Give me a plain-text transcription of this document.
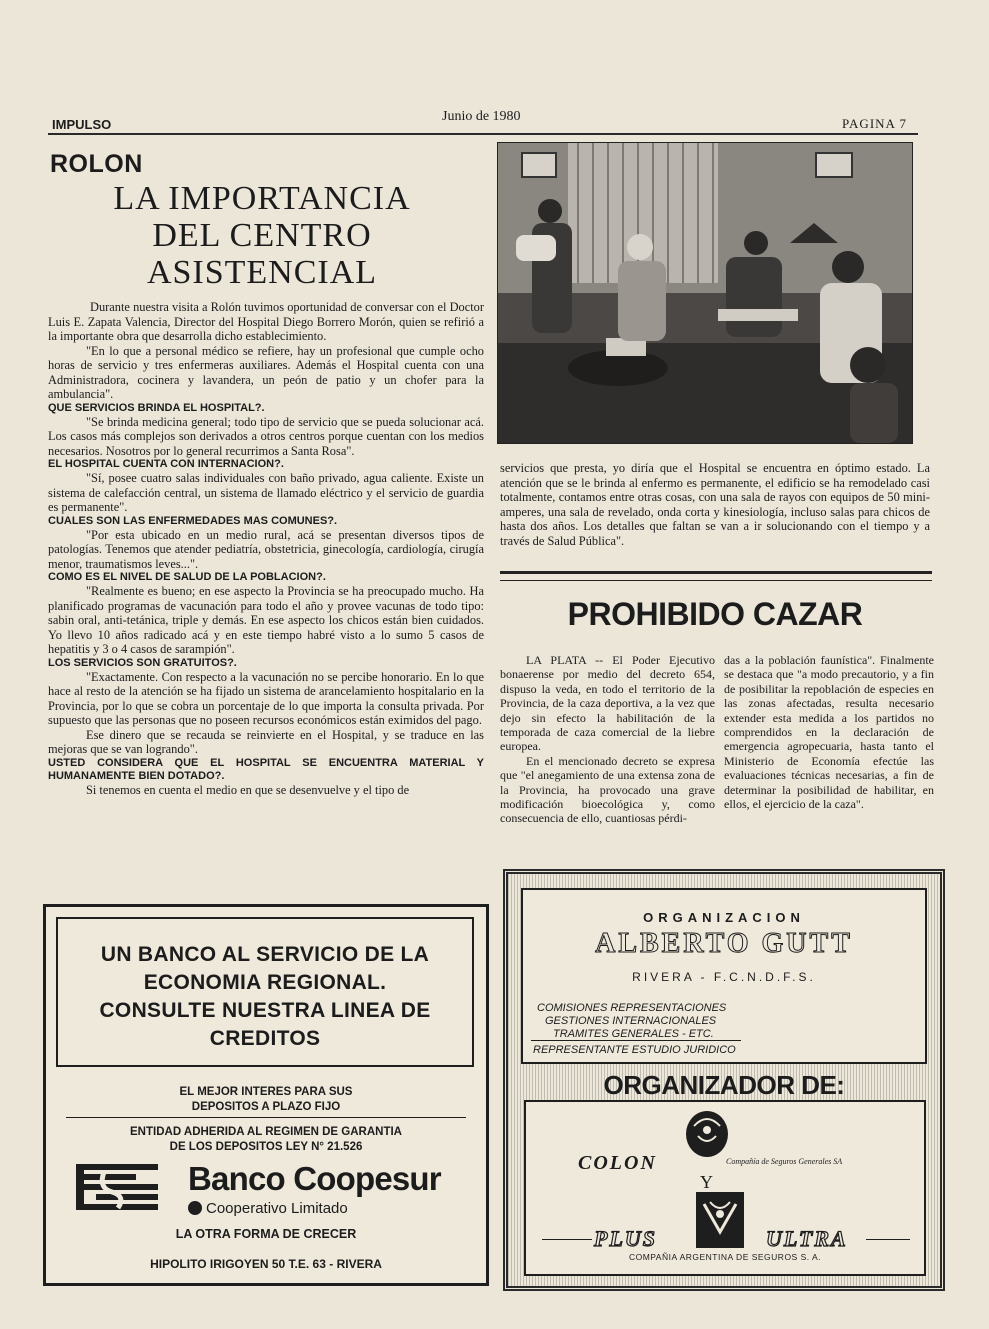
IMPULSO
Junio de 1980	PAGINA 7
ROLON
LA IMPORTANCIA
DEL CENTRO
ASISTENCIAL

Durante nuestra visita a Rolón tuvimos oportunidad de conversar con el Doctor Luis E. Zapata Valencia, Director del Hospital Diego Borrero Morón, quien se refirió a la importante obra que desarrolla dicho establecimiento.

"En lo que a personal médico se refiere, hay un profesional que cumple ocho horas de servicio y tres enfermeras auxiliares. Además el Hospital cuenta con una Administradora, cocinera y lavandera, un peón de patio y un chofer para la ambulancia".

QUE SERVICIOS BRINDA EL HOSPITAL?.

"Se brinda medicina general; todo tipo de servicio que se pueda solucionar acá. Los casos más complejos son derivados a otros centros porque cuentan con los medios necesarios. Nosotros por lo general recurrimos a Santa Rosa".

EL HOSPITAL CUENTA CON INTERNACION?.

"Sí, posee cuatro salas individuales con baño privado, agua caliente. Existe un sistema de calefacción central, un sistema de llamado eléctrico y el servicio de guardia es permanente".

CUALES SON LAS ENFERMEDADES MAS COMUNES?.

"Por esta ubicado en un medio rural, acá se presentan diversos tipos de patologías. Tenemos que atender pediatría, obstetricia, ginecología, cardiología, cirugía menor, traumatismos leves...".

COMO ES EL NIVEL DE SALUD DE LA POBLACION?.

"Realmente es bueno; en ese aspecto la Provincia se ha preocupado mucho. Ha planificado programas de vacunación para todo el año y provee vacunas de todo tipo: sabin oral, anti-tetánica, triple y demás. En ese aspecto los chicos están bien cuidados. Yo llevo 10 años radicado acá y en este tiempo habré visto a lo sumo 5 casos de hepatitis y 3 o 4 casos de sarampión".

LOS SERVICIOS SON GRATUITOS?.

"Exactamente. Con respecto a la vacunación no se percibe honorario. En lo que hace al resto de la atención se ha fijado un sistema de arancelamiento hospitalario en la Provincia, por lo que se cobra un porcentaje de lo que importa la consulta privada. Por supuesto que las personas que no poseen recursos económicos están eximidos del pago.

Ese dinero que se recauda se reinvierte en el Hospital, y se traduce en las mejoras que se van logrando".

USTED CONSIDERA QUE EL HOSPITAL SE ENCUENTRA MATERIAL Y HUMANAMENTE BIEN DOTADO?.

Si tenemos en cuenta el medio en que se desenvuelve y el tipo de

servicios que presta, yo diría que el Hospital se encuentra en óptimo estado. La atención que se le brinda al enfermo es permanente, el edificio se ha remodelado casi totalmente, contamos entre otras cosas, con una sala de rayos con equipos de 50 mini-amperes, una sala de revelado, onda corta y kinesiología, incluso salas para chicos de hasta dos años. Los detalles que faltan se van a ir solucionando con el tiempo y a través de Salud Pública".

PROHIBIDO CAZAR

LA PLATA -- El Poder Ejecutivo bonaerense por medio del decreto 654, dispuso la veda, en todo el territorio de la Provincia, de la caza deportiva, a la vez que dejo sin efecto la habilitación de la temporada de caza comercial de la liebre europea.

En el mencionado decreto se expresa que "el anegamiento de una extensa zona de la Provincia, ha provocado una grave modificación bioecológica y, como consecuencia de ello, cuantiosas pérdi-

das a la población faunística". Finalmente se destaca que "a modo precautorio, y a fin de posibilitar la repoblación de especies en las zonas afectadas, resulta necesario extender esta medida a los partidos no comprendidos en la declaración de emergencia agropecuaria, hasta tanto el Ministerio de Economía efectúe las evaluaciones técnicas necesarias, a fin de determinar la posibilidad de habilitar, en ellos, el ejercicio de la caza".

UN BANCO AL SERVICIO DE LA
ECONOMIA REGIONAL.
CONSULTE NUESTRA LINEA DE
CREDITOS
EL MEJOR INTERES PARA SUS
DEPOSITOS A PLAZO FIJO
ENTIDAD ADHERIDA AL REGIMEN DE GARANTIA
DE LOS DEPOSITOS LEY N° 21.526
Banco Coopesur
Cooperativo Limitado
LA OTRA FORMA DE CRECER
HIPOLITO IRIGOYEN 50 T.E. 63 - RIVERA
ORGANIZACION
ALBERTO GUTT
RIVERA - F.C.N.D.F.S.
COMISIONES REPRESENTACIONES
GESTIONES INTERNACIONALES
TRAMITES GENERALES - ETC.
REPRESENTANTE ESTUDIO JURIDICO
ORGANIZADOR DE:
COLON	Compañía de Seguros Generales SA
Y
PLUS	ULTRA
COMPAÑIA ARGENTINA DE SEGUROS S. A.
